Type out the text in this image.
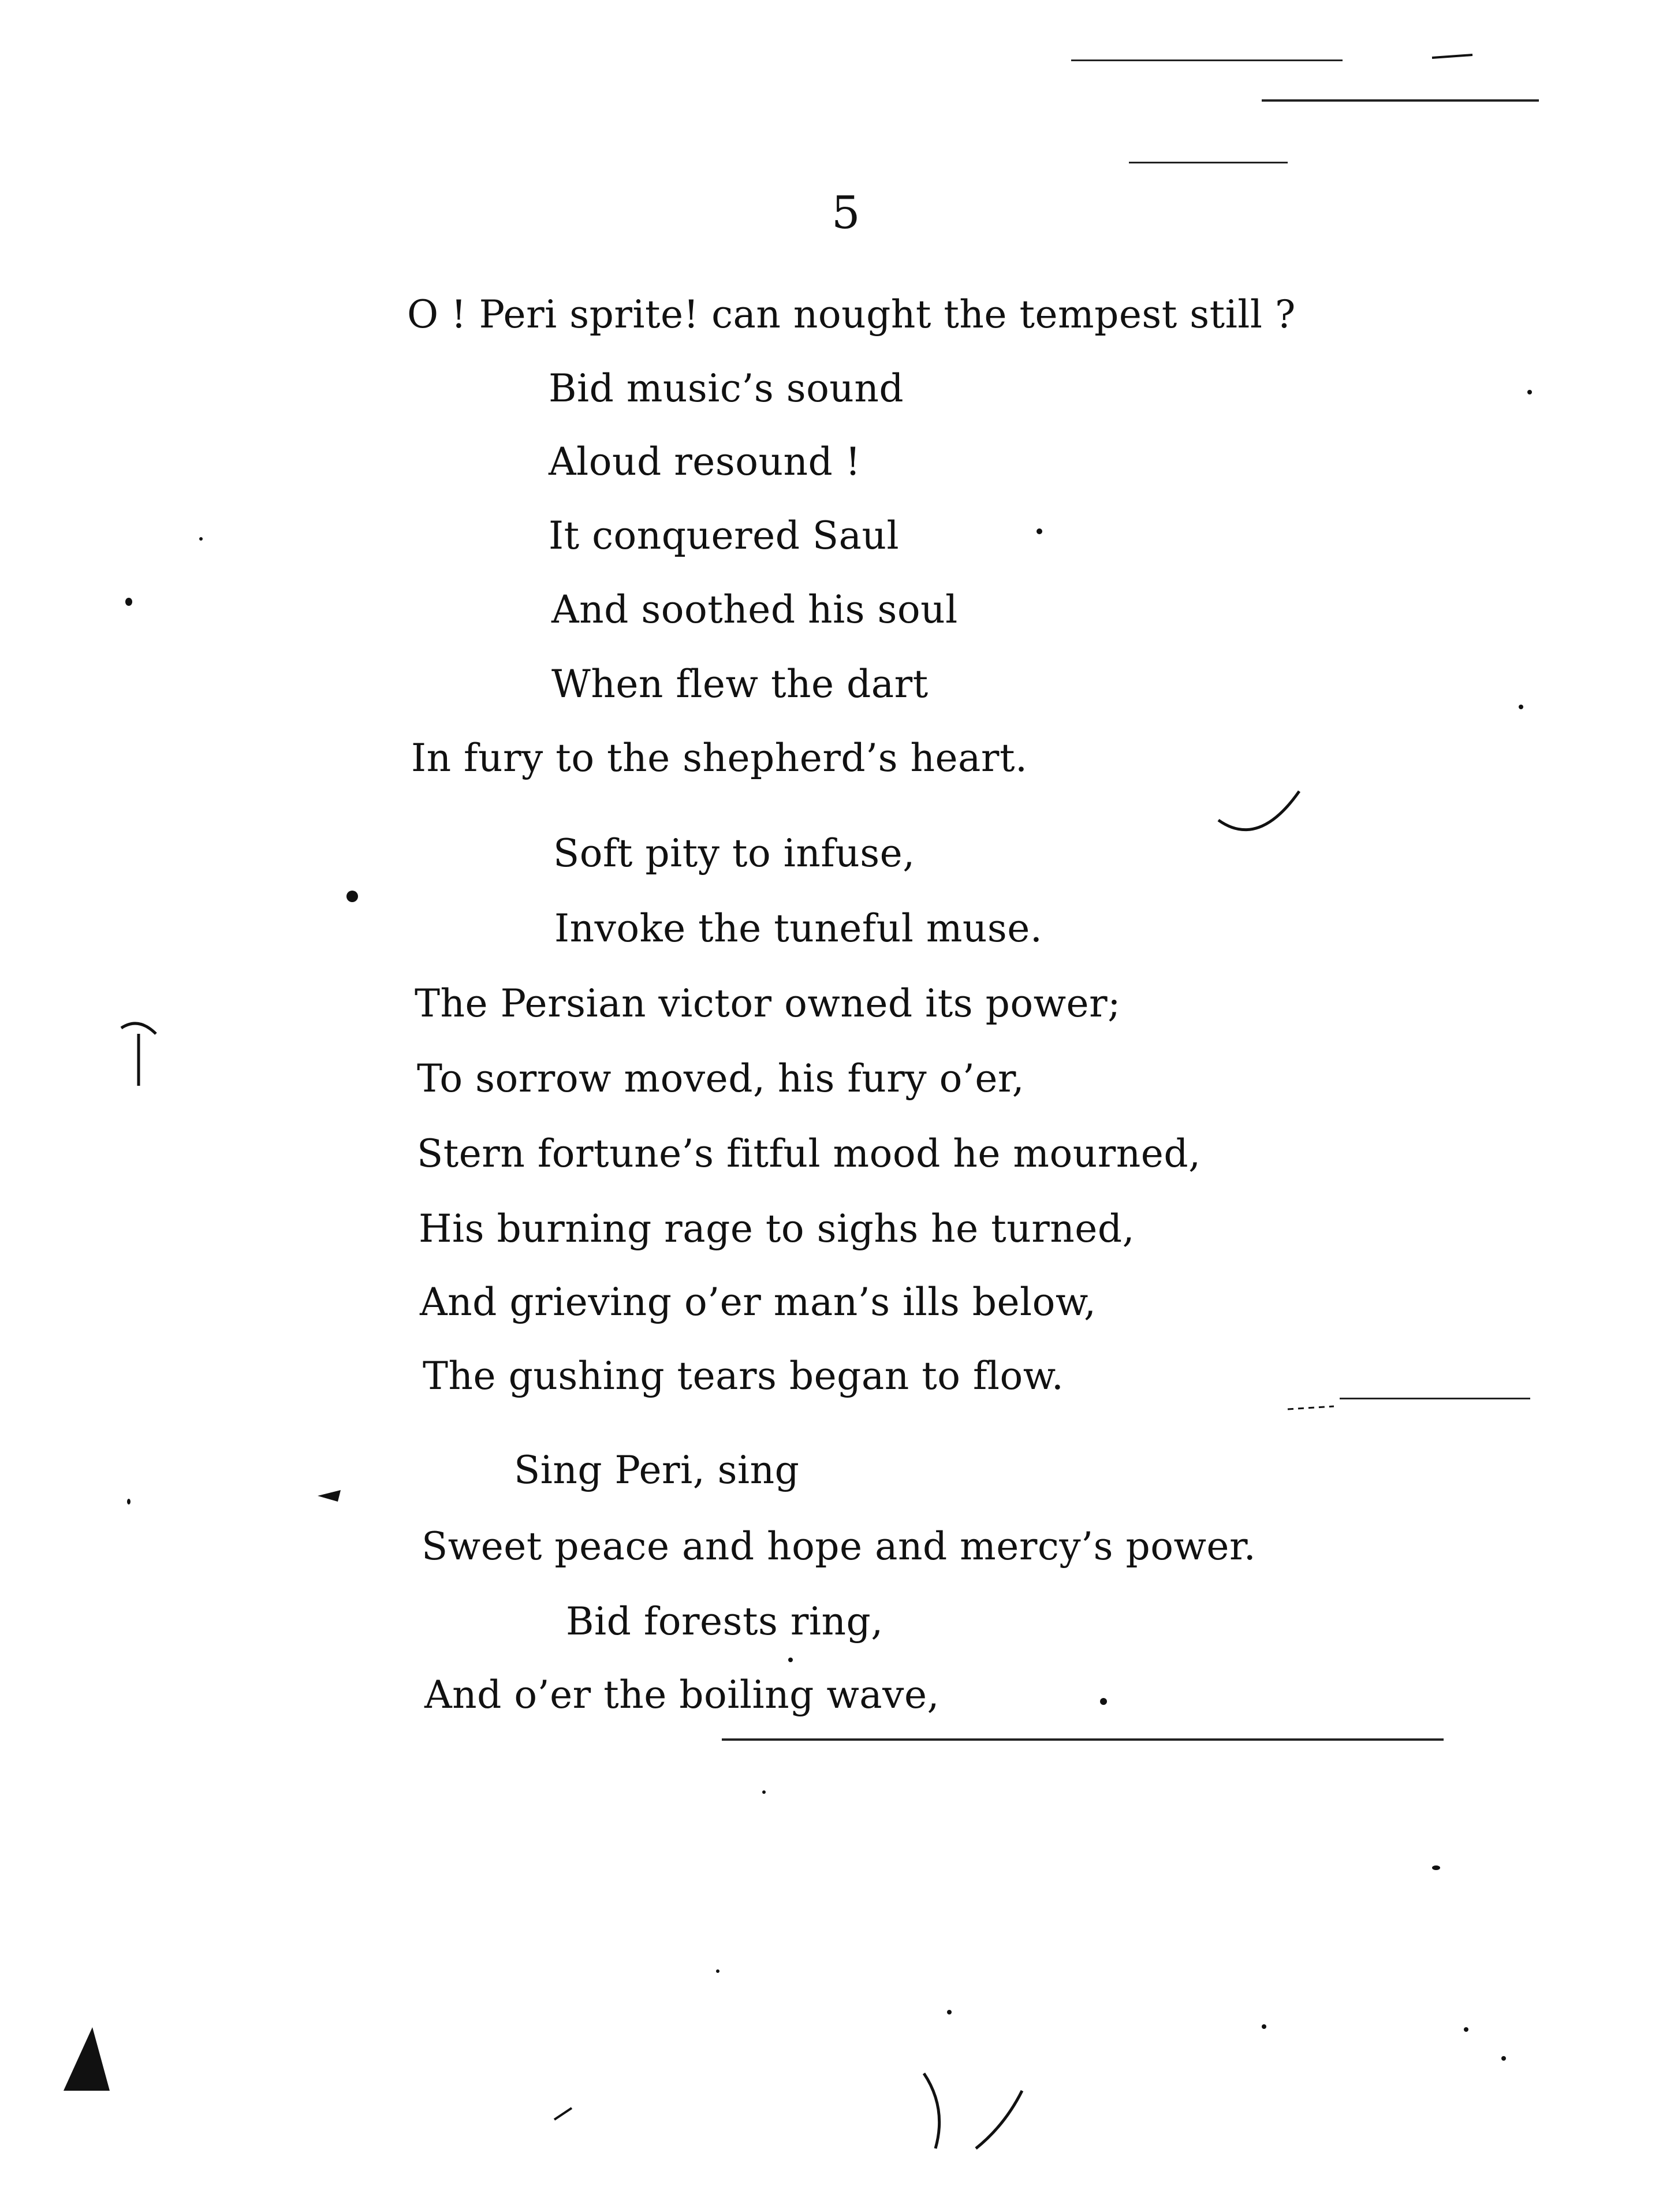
5
O ! Peri sprite! can nought the tempest still ?
Bid music’s sound
Aloud resound !
It conquered Saul
And soothed his soul
When flew the dart
In fury to the shepherd’s heart.
Soft pity to infuse,
Invoke the tuneful muse.
The Persian victor owned its power;
To sorrow moved, his fury o’er,
Stern fortune’s fitful mood he mourned,
His burning rage to sighs he turned,
And grieving o’er man’s ills below,
The gushing tears began to flow.
Sing Peri, sing
Sweet peace and hope and mercy’s power.
Bid forests ring,
And o’er the boiling wave,
